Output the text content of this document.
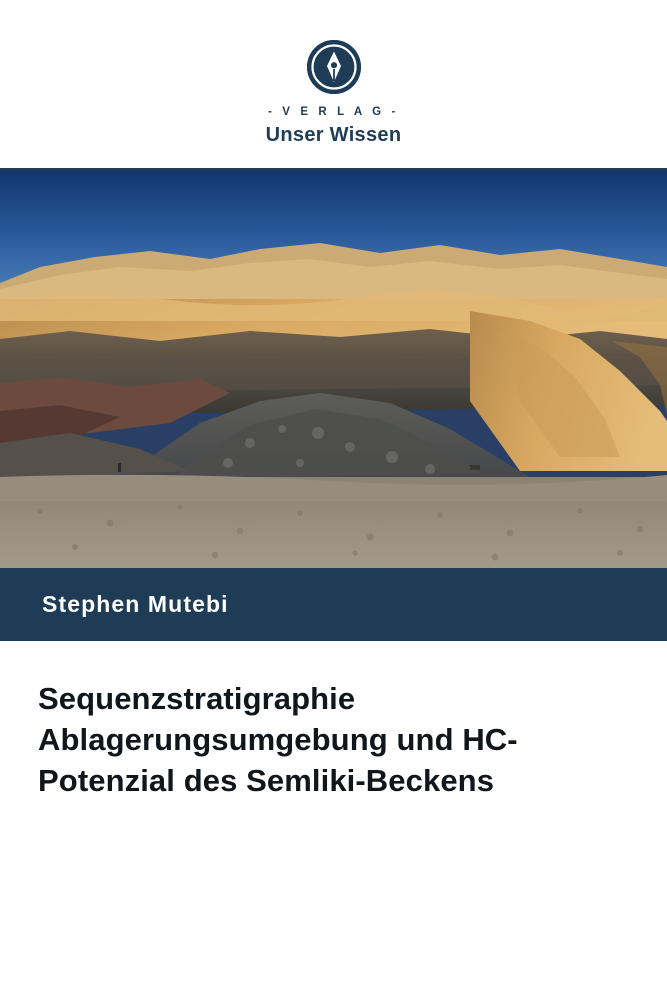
- V E R L A G -
Unser Wissen
Stephen Mutebi
Sequenzstratigraphie Ablagerungsumgebung und HC-Potenzial des Semliki-Beckens
